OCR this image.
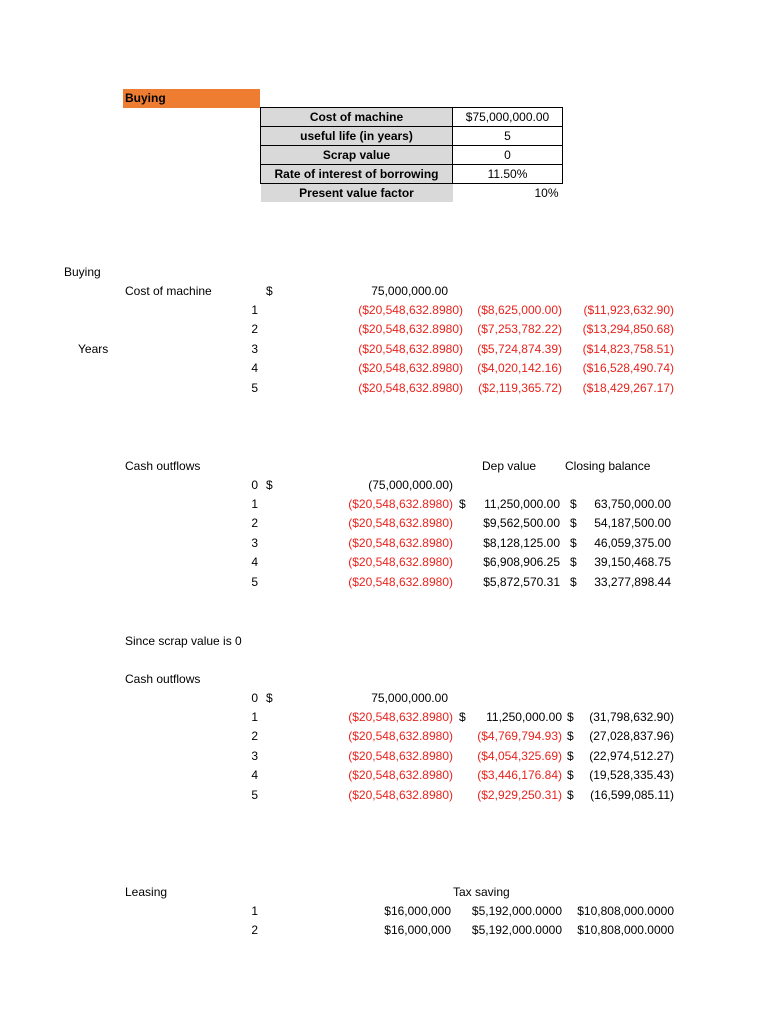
Buying
Cost of machine	$75,000,000.00
useful life (in years)	5
Scrap value	0
Rate of interest of borrowing	11.50%
Present value factor	10%
Buying
Cost of machine	$	75,000,000.00
Years
1	($20,548,632.8980)	($8,625,000.00)	($11,923,632.90)
2	($20,548,632.8980)	($7,253,782.22)	($13,294,850.68)
3	($20,548,632.8980)	($5,724,874.39)	($14,823,758.51)
4	($20,548,632.8980)	($4,020,142.16)	($16,528,490.74)
5	($20,548,632.8980)	($2,119,365.72)	($18,429,267.17)
Cash outflows	Dep value Closing balance
0 $	(75,000,000.00)
1	($20,548,632.8980) $	11,250,000.00 $	63,750,000.00
2	($20,548,632.8980)	$9,562,500.00 $	54,187,500.00
3	($20,548,632.8980)	$8,128,125.00 $	46,059,375.00
4	($20,548,632.8980)	$6,908,906.25 $	39,150,468.75
5	($20,548,632.8980)	$5,872,570.31 $	33,277,898.44
Since scrap value is 0
Cash outflows
0 $	75,000,000.00
1	($20,548,632.8980) $	11,250,000.00 $	(31,798,632.90)
2	($20,548,632.8980)	($4,769,794.93) $	(27,028,837.96)
3	($20,548,632.8980)	($4,054,325.69) $	(22,974,512.27)
4	($20,548,632.8980)	($3,446,176.84) $	(19,528,335.43)
5	($20,548,632.8980)	($2,929,250.31) $	(16,599,085.11)
Leasing	Tax saving
1	$16,000,000	$5,192,000.0000	$10,808,000.0000
2	$16,000,000	$5,192,000.0000	$10,808,000.0000
